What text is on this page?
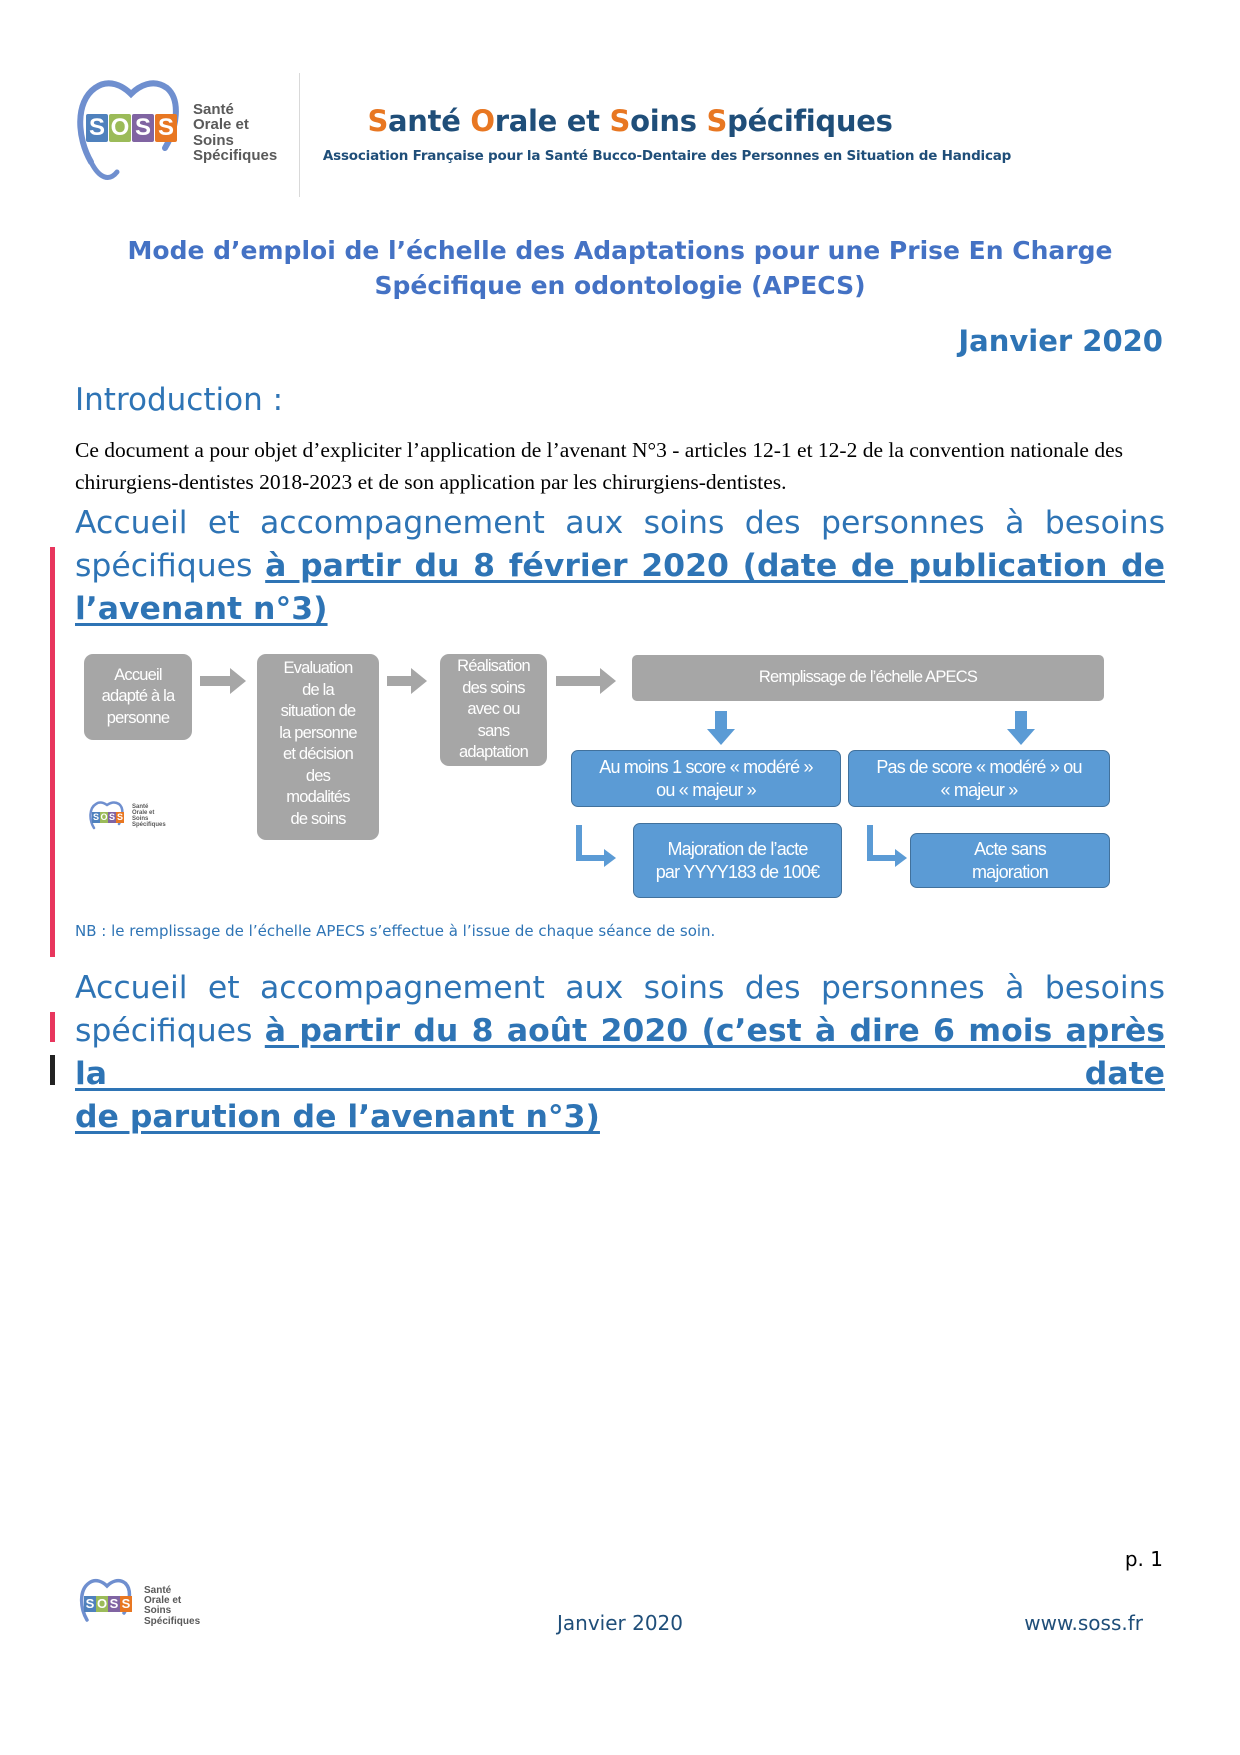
S O S S
Santé
Orale et
Soins
Spécifiques
Santé Orale et Soins Spécifiques
Association Française pour la Santé Bucco-Dentaire des Personnes en Situation de Handicap
Mode d’emploi de l’échelle des Adaptations pour une Prise En Charge
Spécifique en odontologie (APECS)
Janvier 2020
Introduction :
Ce document a pour objet d’expliciter l’application de l’avenant N°3 - articles 12-1 et 12-2 de la convention nationale des chirurgiens-dentistes 2018-2023 et de son application par les chirurgiens-dentistes.
Accueil et accompagnement aux soins des personnes à besoins
spécifiques à partir du 8 février 2020 (date de publication de
l’avenant n°3)
Accueil
adapté à la
personne
Evaluation
de la
situation de
la personne
et décision
des
modalités
de soins
Réalisation
des soins
avec ou
sans
adaptation
Remplissage de l’échelle APECS
Au moins 1 score « modéré »
ou « majeur »
Pas de score « modéré » ou
« majeur »
Majoration de l’acte
par YYYY183 de 100€
Acte sans
majoration
S O S S
Santé
Orale et
Soins
Spécifiques
NB : le remplissage de l’échelle APECS s’effectue à l’issue de chaque séance de soin.
Accueil et accompagnement aux soins des personnes à besoins
spécifiques à partir du 8 août 2020 (c’est à dire 6 mois après la date
de parution de l’avenant n°3)
p. 1
S O S S
Santé
Orale et
Soins
Spécifiques	Janvier 2020	www.soss.fr
